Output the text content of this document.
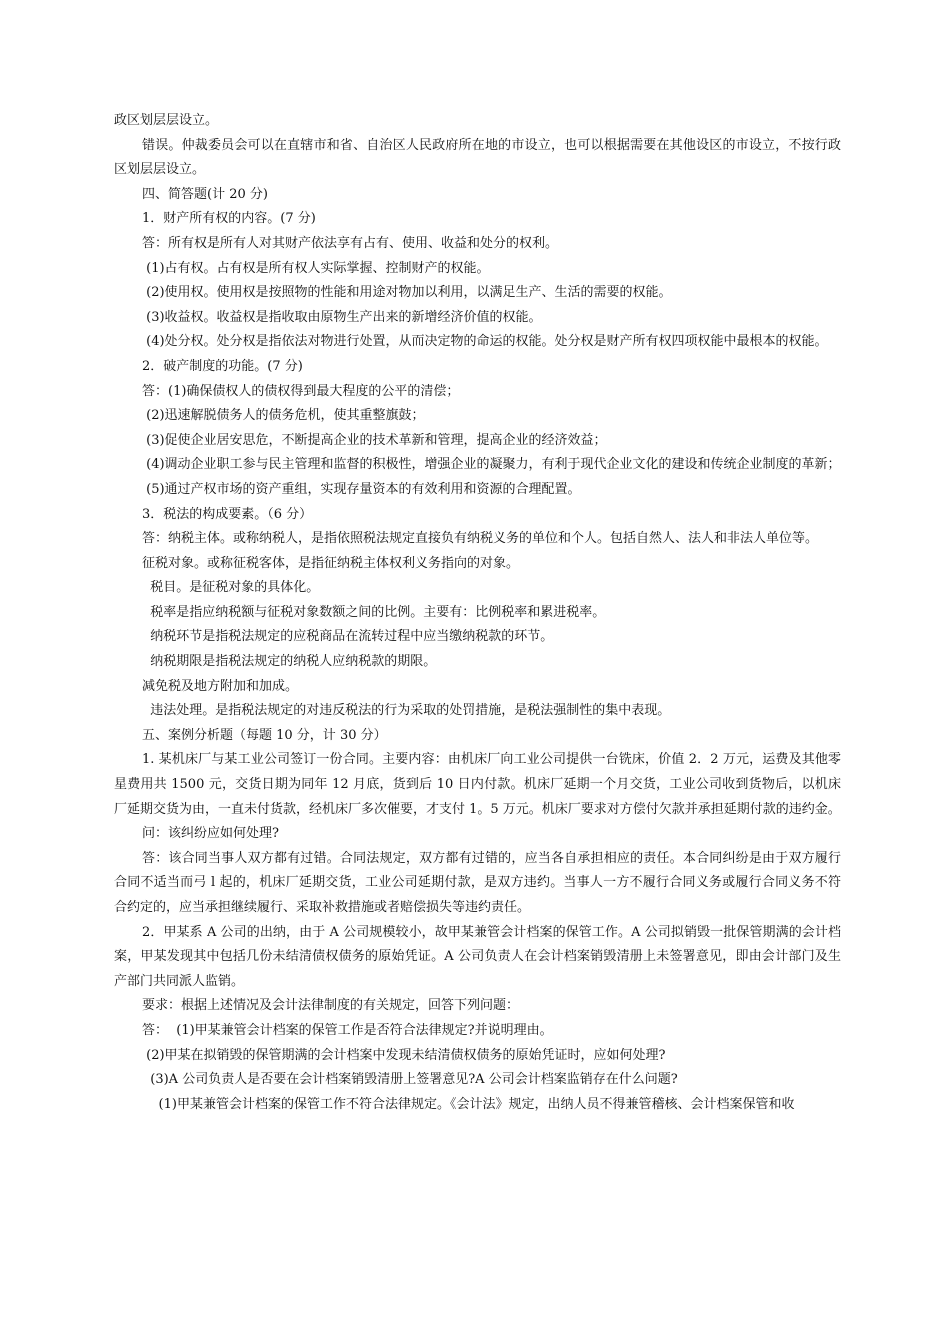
政区划层层设立。

错误。仲裁委员会可以在直辖市和省、自治区人民政府所在地的市设立，也可以根据需要在其他设区的市设立，不按行政区划层层设立。

四、简答题(计 20 分)

1．财产所有权的内容。(7 分)

答：所有权是所有人对其财产依法享有占有、使用、收益和处分的权利。

(1)占有权。占有权是所有权人实际掌握、控制财产的权能。

(2)使用权。使用权是按照物的性能和用途对物加以利用，以满足生产、生活的需要的权能。

(3)收益权。收益权是指收取由原物生产出来的新增经济价值的权能。

(4)处分权。处分权是指依法对物进行处置，从而决定物的命运的权能。处分权是财产所有权四项权能中最根本的权能。

2．破产制度的功能。(7 分)

答：(1)确保债权人的债权得到最大程度的公平的清偿；

(2)迅速解脱债务人的债务危机，使其重整旗鼓；

(3)促使企业居安思危，不断提高企业的技术革新和管理，提高企业的经济效益；

(4)调动企业职工参与民主管理和监督的积极性，增强企业的凝聚力，有利于现代企业文化的建设和传统企业制度的革新；

(5)通过产权市场的资产重组，实现存量资本的有效利用和资源的合理配置。

3．税法的构成要素。（6 分）

答：纳税主体。或称纳税人，是指依照税法规定直接负有纳税义务的单位和个人。包括自然人、法人和非法人单位等。

征税对象。或称征税客体，是指征纳税主体权利义务指向的对象。

税目。是征税对象的具体化。

税率是指应纳税额与征税对象数额之间的比例。主要有：比例税率和累进税率。

纳税环节是指税法规定的应税商品在流转过程中应当缴纳税款的环节。

纳税期限是指税法规定的纳税人应纳税款的期限。

减免税及地方附加和加成。

违法处理。是指税法规定的对违反税法的行为采取的处罚措施，是税法强制性的集中表现。

五、案例分析题（每题 10 分，计 30 分）

1. 某机床厂与某工业公司签订一份合同。主要内容：由机床厂向工业公司提供一台铣床，价值 2．2 万元，运费及其他零星费用共 1500 元，交货日期为同年 12 月底，货到后 10 日内付款。机床厂延期一个月交货，工业公司收到货物后，以机床厂延期交货为由，一直未付货款，经机床厂多次催要，才支付 1。5 万元。机床厂要求对方偿付欠款并承担延期付款的违约金。

问：该纠纷应如何处理?

答：该合同当事人双方都有过错。合同法规定，双方都有过错的，应当各自承担相应的责任。本合同纠纷是由于双方履行合同不适当而弓 l 起的，机床厂延期交货，工业公司延期付款，是双方违约。当事人一方不履行合同义务或履行合同义务不符合约定的，应当承担继续履行、采取补救措施或者赔偿损失等违约责任。

2．甲某系 A 公司的出纳，由于 A 公司规模较小，故甲某兼管会计档案的保管工作。A 公司拟销毁一批保管期满的会计档案，甲某发现其中包括几份未结清债权债务的原始凭证。A 公司负责人在会计档案销毁清册上未签署意见，即由会计部门及生产部门共同派人监销。

要求：根据上述情况及会计法律制度的有关规定，回答下列问题：

答：  (1)甲某兼管会计档案的保管工作是否符合法律规定?并说明理由。

(2)甲某在拟销毁的保管期满的会计档案中发现未结清债权债务的原始凭证时，应如何处理?

(3)A 公司负责人是否要在会计档案销毁清册上签署意见?A 公司会计档案监销存在什么问题?

(1)甲某兼管会计档案的保管工作不符合法律规定。《会计法》规定，出纳人员不得兼管稽核、会计档案保管和收
